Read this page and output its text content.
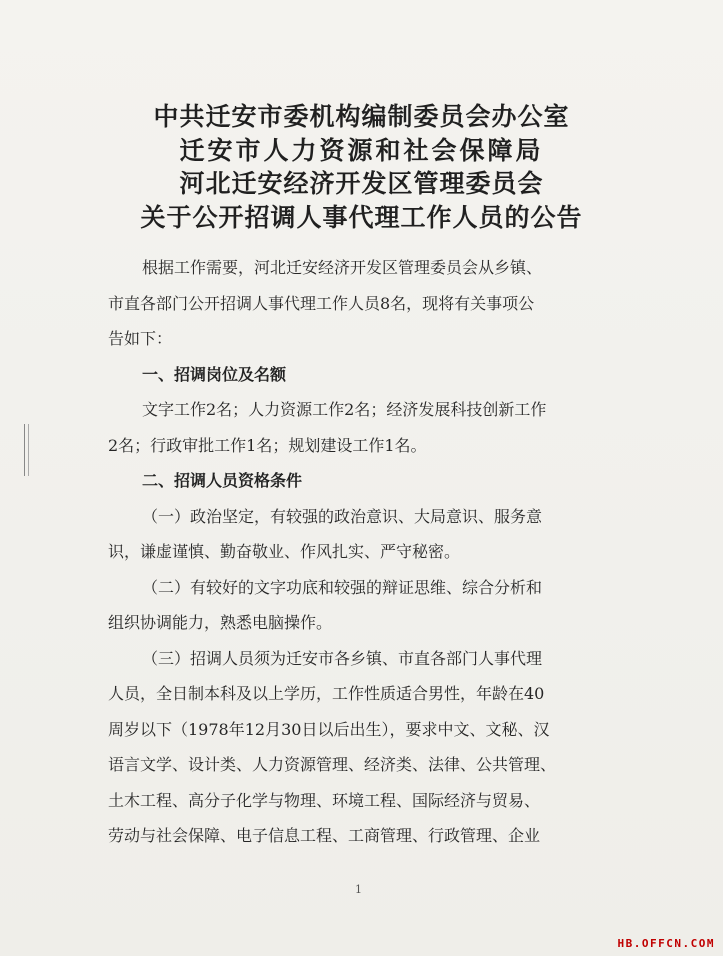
中共迁安市委机构编制委员会办公室
迁安市人力资源和社会保障局
河北迁安经济开发区管理委员会
关于公开招调人事代理工作人员的公告
根据工作需要，河北迁安经济开发区管理委员会从乡镇、
市直各部门公开招调人事代理工作人员8名，现将有关事项公
告如下：
一、招调岗位及名额
文字工作2名；人力资源工作2名；经济发展科技创新工作
2名；行政审批工作1名；规划建设工作1名。
二、招调人员资格条件
（一）政治坚定，有较强的政治意识、大局意识、服务意
识，谦虚谨慎、勤奋敬业、作风扎实、严守秘密。
（二）有较好的文字功底和较强的辩证思维、综合分析和
组织协调能力，熟悉电脑操作。
（三）招调人员须为迁安市各乡镇、市直各部门人事代理
人员，全日制本科及以上学历，工作性质适合男性，年龄在40
周岁以下（1978年12月30日以后出生），要求中文、文秘、汉
语言文学、设计类、人力资源管理、经济类、法律、公共管理、
土木工程、高分子化学与物理、环境工程、国际经济与贸易、
劳动与社会保障、电子信息工程、工商管理、行政管理、企业
1
HB.OFFCN.COM
